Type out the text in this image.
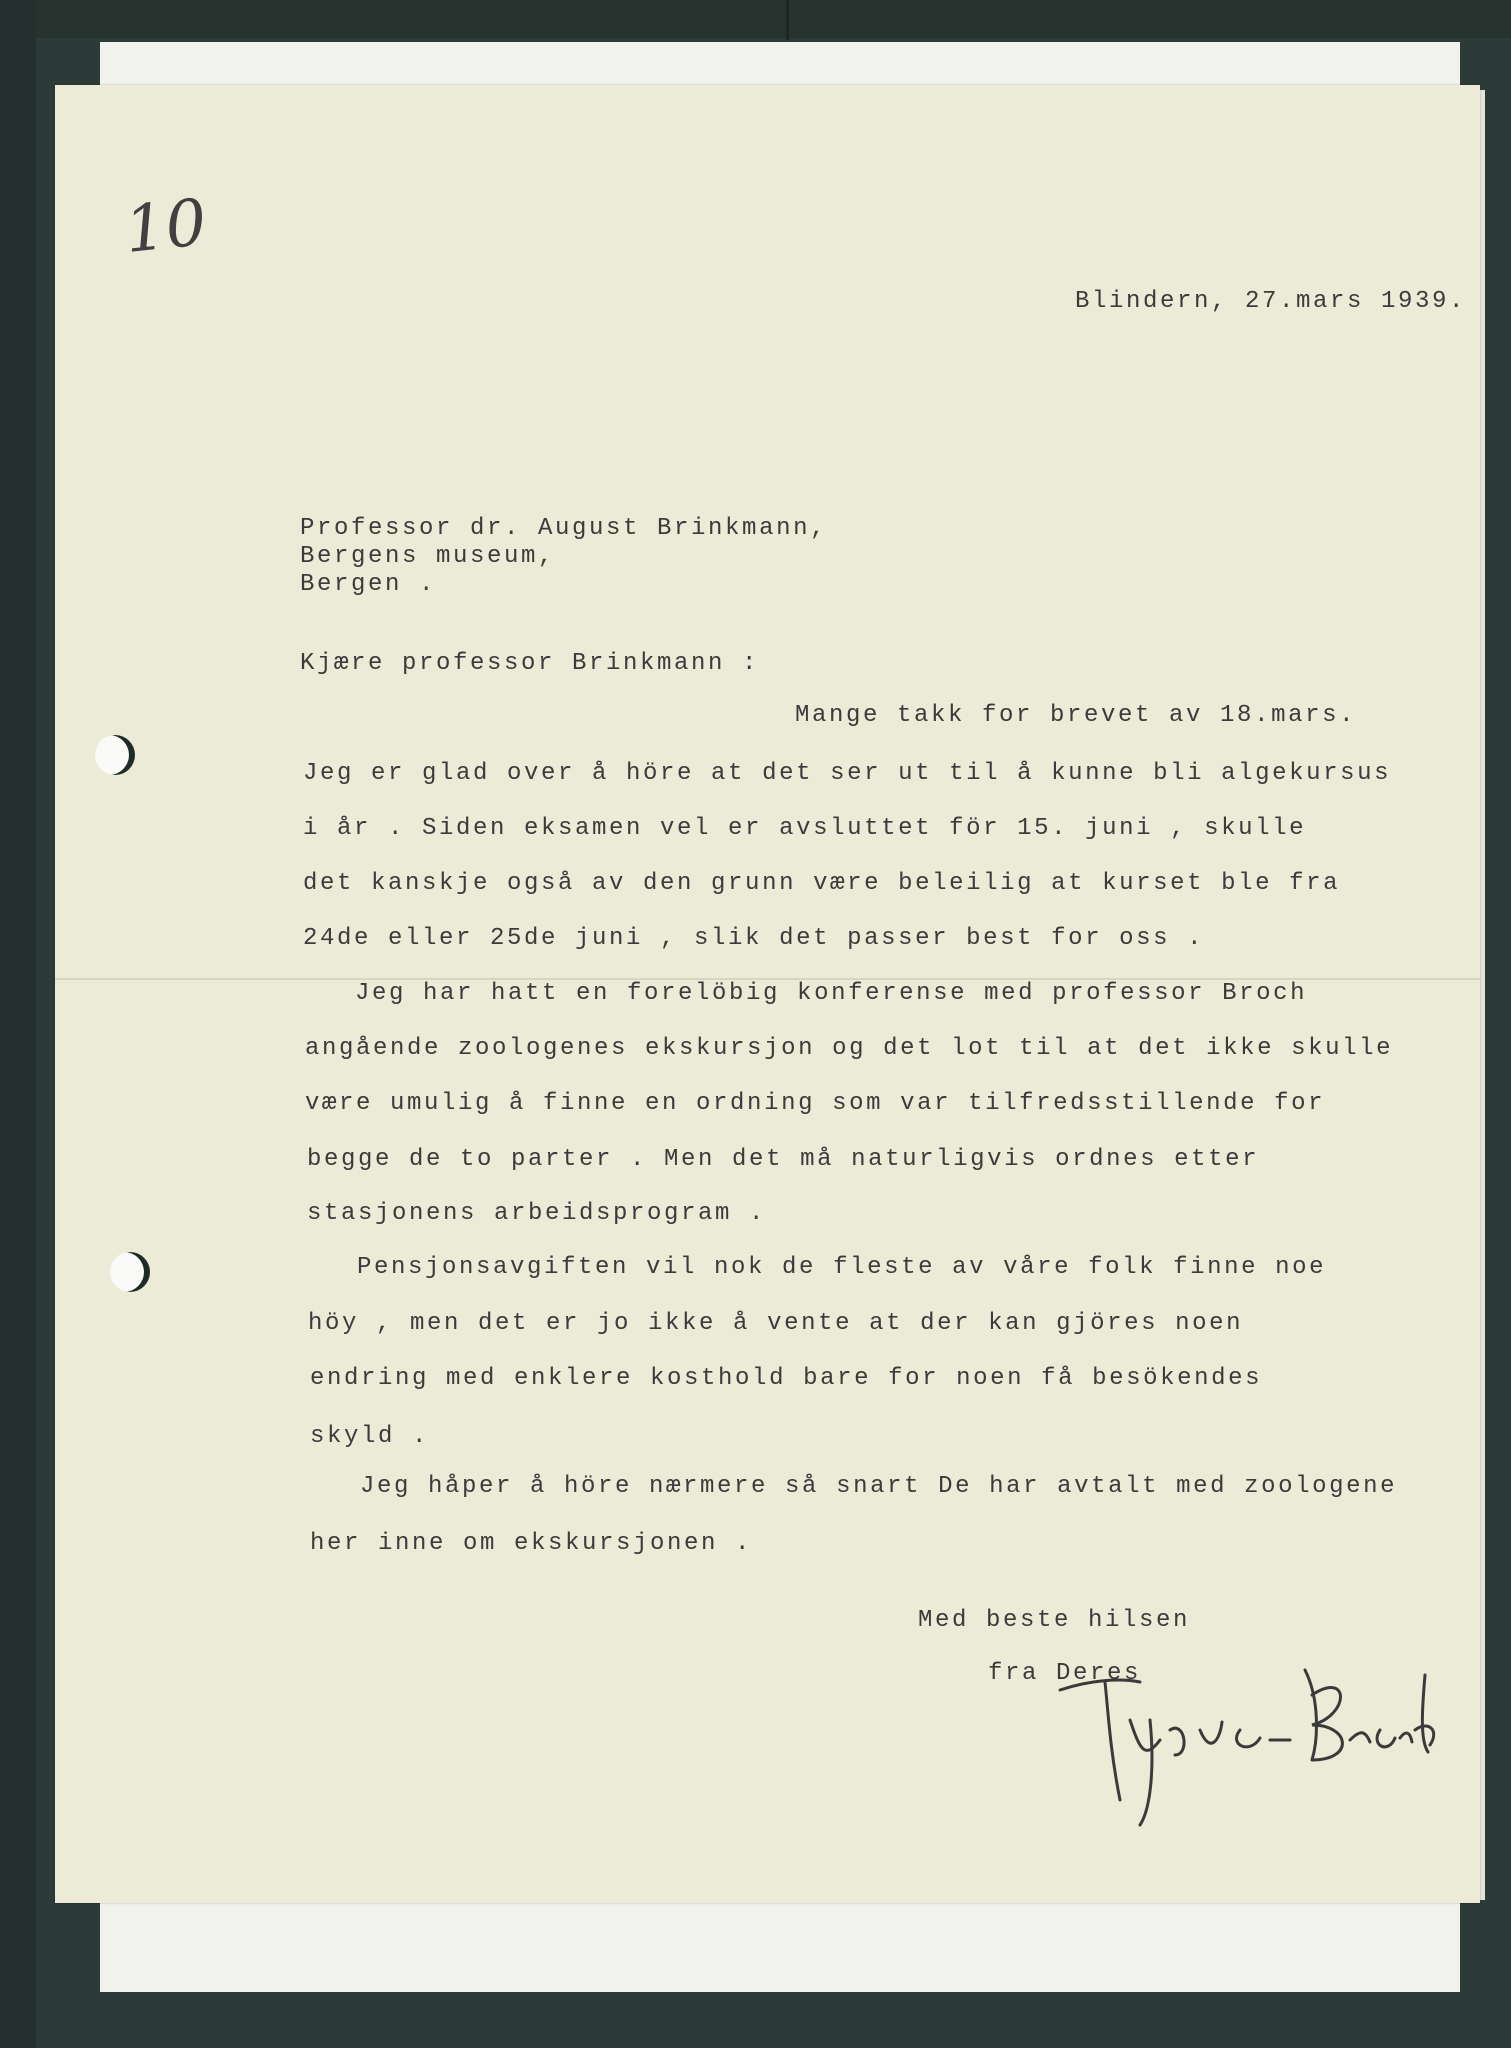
10
Blindern, 27.mars 1939.
Professor dr. August Brinkmann,
Bergens museum,
Bergen .
Kjære professor Brinkmann :
Mange takk for brevet av 18.mars.
Jeg er glad over å höre at det ser ut til å kunne bli algekursus
i år . Siden eksamen vel er avsluttet för 15. juni , skulle
det kanskje også av den grunn være beleilig at kurset ble fra
24de eller 25de juni , slik det passer best for oss .
Jeg har hatt en forelöbig konferense med professor Broch
angående zoologenes ekskursjon og det lot til at det ikke skulle
være umulig å finne en ordning som var tilfredsstillende for
begge de to parter . Men det må naturligvis ordnes etter
stasjonens arbeidsprogram .
Pensjonsavgiften vil nok de fleste av våre folk finne noe
höy , men det er jo ikke å vente at der kan gjöres noen
endring med enklere kosthold bare for noen få besökendes
skyld .
Jeg håper å höre nærmere så snart De har avtalt med zoologene
her inne om ekskursjonen .
Med beste hilsen
fra Deres
